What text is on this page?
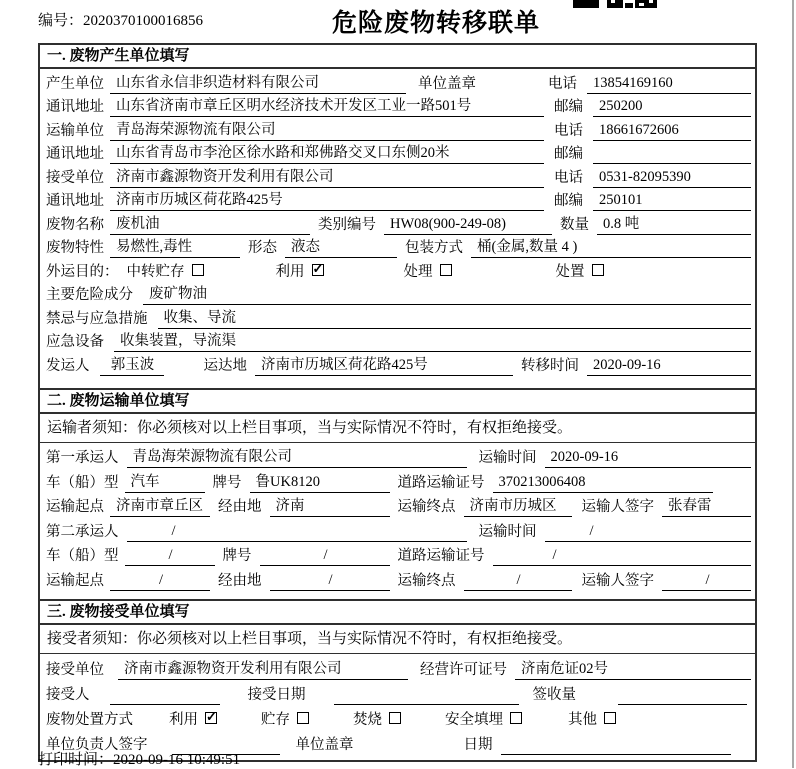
编号：2020370100016856	危险废物转移联单
一. 废物产生单位填写
产生单位 山东省永信非织造材料有限公司	单位盖章	电话	13854169160
通讯地址 山东省济南市章丘区明水经济技术开发区工业一路501号	邮编	250200
运输单位 青岛海荣源物流有限公司	电话	18661672606
通讯地址 山东省青岛市李沧区徐水路和郑佛路交叉口东侧20米	邮编
接受单位 济南市鑫源物资开发利用有限公司	电话	0531-82095390
通讯地址 济南市历城区荷花路425号	邮编	250101
废物名称 废机油	类别编号 HW08(900-249-08)	数量 0.8 吨
废物特性 易燃性,毒性	形态 液态	包装方式 桶(金属,数量 4 )
外运目的： 中转贮存	利用 ✓	处理	处置
主要危险成分	废矿物油
禁忌与应急措施	收集、导流
应急设备	收集装置，导流渠
发运人	郭玉波	运达地 济南市历城区荷花路425号	转移时间 2020-09-16
二. 废物运输单位填写
运输者须知：你必须核对以上栏目事项，当与实际情况不符时，有权拒绝接受。
第一承运人 青岛海荣源物流有限公司	运输时间 2020-09-16
车（船）型 汽车	牌号 鲁UK8120	道路运输证号 370213006408
运输起点 济南市章丘区	经由地 济南	运输终点 济南市历城区	运输人签字 张春雷
第二承运人	/	运输时间	/
车（船）型	/	牌号	/	道路运输证号	/
运输起点	/	经由地	/	运输终点	/	运输人签字	/
三. 废物接受单位填写
接受者须知：你必须核对以上栏目事项，当与实际情况不符时，有权拒绝接受。
接受单位	济南市鑫源物资开发利用有限公司	经营许可证号 济南危证02号
接受人	接受日期	签收量
废物处置方式 利用 ✓	贮存	焚烧	安全填埋	其他
单位负责人签字	单位盖章	日期
打印时间：2020-09-16 10:49:51
